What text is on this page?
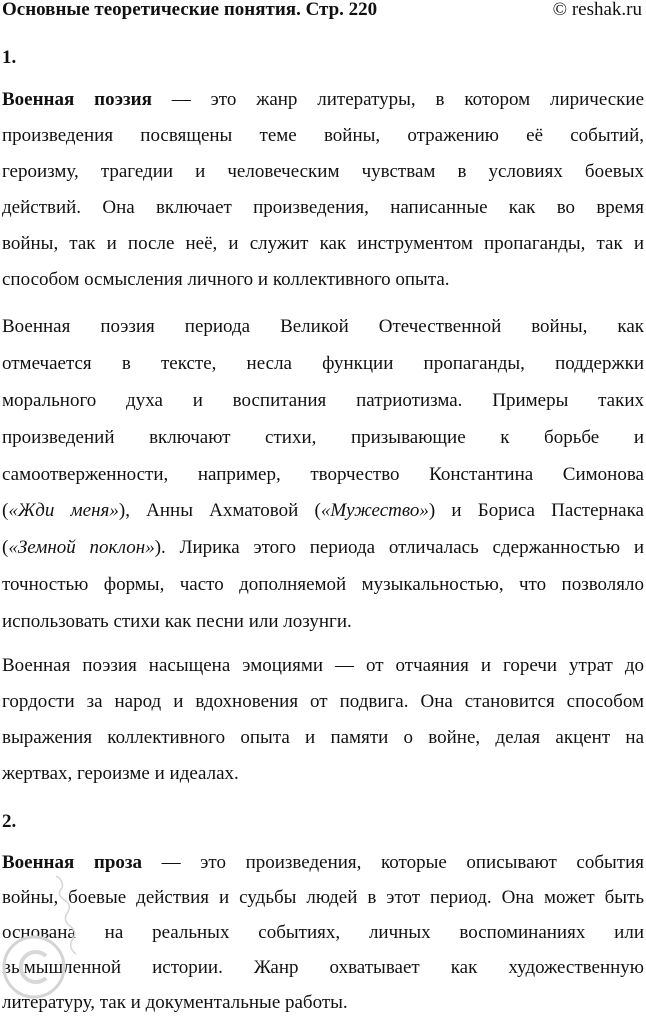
Основные теоретические понятия. Стр. 220	© reshak.ru
1.
Военная поэзия — это жанр литературы, в котором лирические
произведения посвящены теме войны, отражению её событий,
героизму, трагедии и человеческим чувствам в условиях боевых
действий. Она включает произведения, написанные как во время
войны, так и после неё, и служит как инструментом пропаганды, так и
способом осмысления личного и коллективного опыта.
Военная поэзия периода Великой Отечественной войны, как
отмечается в тексте, несла функции пропаганды, поддержки
морального духа и воспитания патриотизма. Примеры таких
произведений включают стихи, призывающие к борьбе и
самоотверженности, например, творчество Константина Симонова
(«Жди меня»), Анны Ахматовой («Мужество») и Бориса Пастернака
(«Земной поклон»). Лирика этого периода отличалась сдержанностью и
точностью формы, часто дополняемой музыкальностью, что позволяло
использовать стихи как песни или лозунги.
Военная поэзия насыщена эмоциями — от отчаяния и горечи утрат до
гордости за народ и вдохновения от подвига. Она становится способом
выражения коллективного опыта и памяти о войне, делая акцент на
жертвах, героизме и идеалах.
2.
Военная проза — это произведения, которые описывают события
войны, боевые действия и судьбы людей в этот период. Она может быть
основана на реальных событиях, личных воспоминаниях или
вымышленной истории. Жанр охватывает как художественную
литературу, так и документальные работы.
